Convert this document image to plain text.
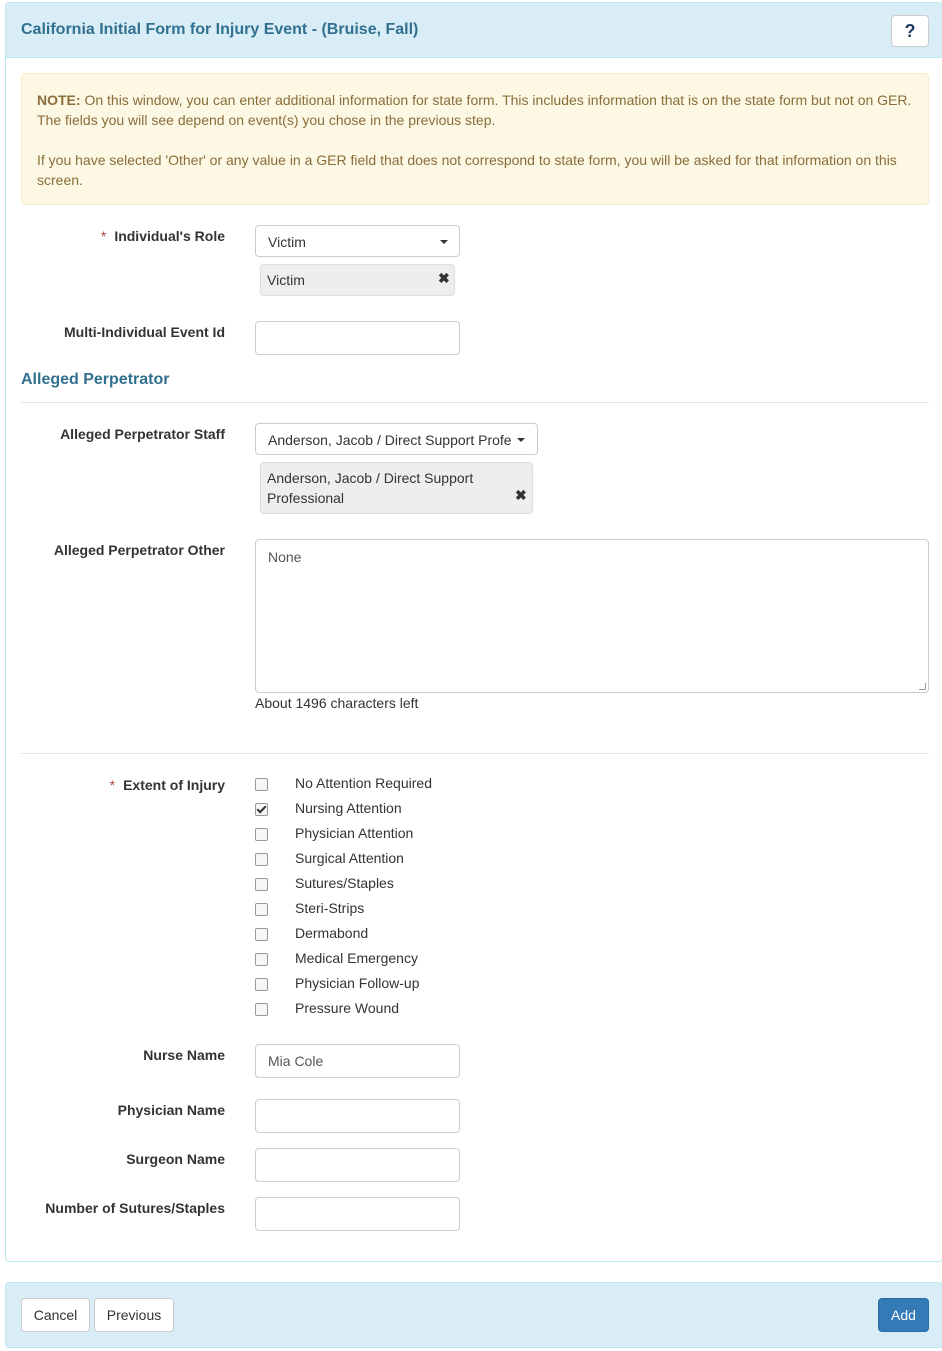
California Initial Form for Injury Event - (Bruise, Fall)	?
NOTE: On this window, you can enter additional information for state form. This includes information that is on the state form but not on GER. The fields you will see depend on event(s) you chose in the previous step.
If you have selected 'Other' or any value in a GER field that does not correspond to state form, you will be asked for that information on this screen.
* Individual's Role	Victim
Victim	✖
Multi-Individual Event Id
Alleged Perpetrator
Alleged Perpetrator Staff	Anderson, Jacob / Direct Support Profe
Anderson, Jacob / Direct Support
Professional	✖
Alleged Perpetrator Other	None
About 1496 characters left
* Extent of Injury	No Attention Required
Nursing Attention
Physician Attention
Surgical Attention
Sutures/Staples
Steri-Strips
Dermabond
Medical Emergency
Physician Follow-up
Pressure Wound
Nurse Name	Mia Cole
Physician Name
Surgeon Name
Number of Sutures/Staples
Cancel	Previous	Add
